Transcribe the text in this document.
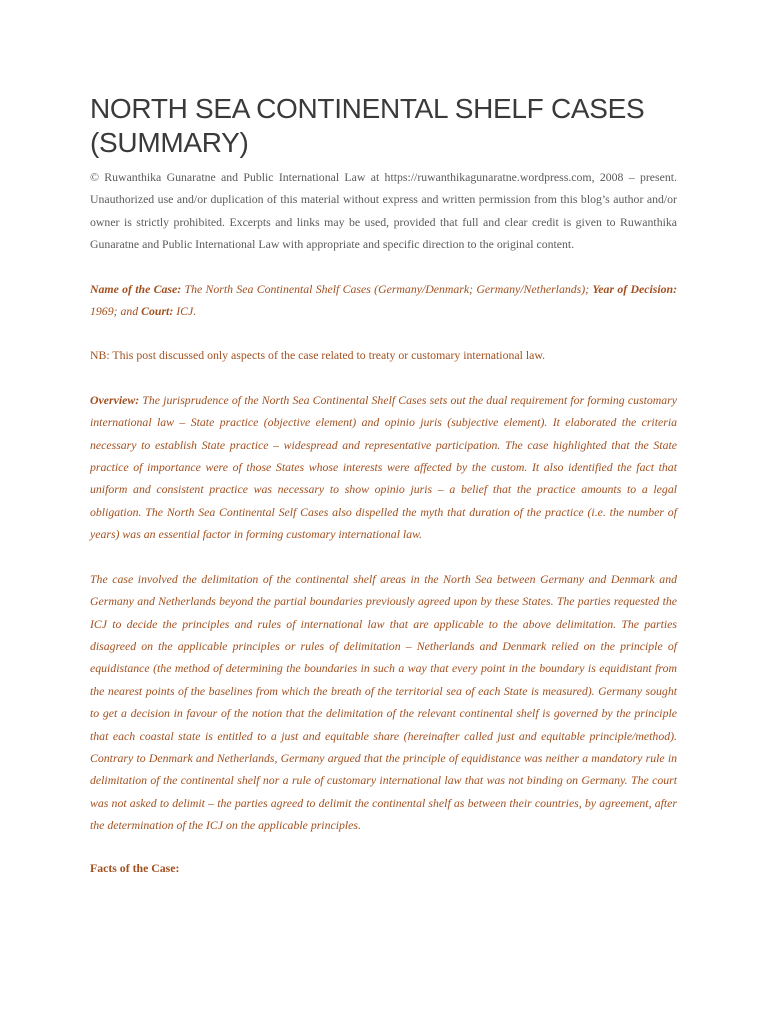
NORTH SEA CONTINENTAL SHELF CASES (SUMMARY)

© Ruwanthika Gunaratne and Public International Law at https://ruwanthikagunaratne.wordpress.com, 2008 – present. Unauthorized use and/or duplication of this material without express and written permission from this blog’s author and/or owner is strictly prohibited. Excerpts and links may be used, provided that full and clear credit is given to Ruwanthika Gunaratne and Public International Law with appropriate and specific direction to the original content.

Name of the Case: The North Sea Continental Shelf Cases (Germany/Denmark; Germany/Netherlands); Year of Decision: 1969; and Court: ICJ.

NB: This post discussed only aspects of the case related to treaty or customary international law.

Overview: The jurisprudence of the North Sea Continental Shelf Cases sets out the dual requirement for forming customary international law – State practice (objective element) and opinio juris (subjective element). It elaborated the criteria necessary to establish State practice – widespread and representative participation. The case highlighted that the State practice of importance were of those States whose interests were affected by the custom. It also identified the fact that uniform and consistent practice was necessary to show opinio juris – a belief that the practice amounts to a legal obligation. The North Sea Continental Self Cases also dispelled the myth that duration of the practice (i.e. the number of years) was an essential factor in forming customary international law.

The case involved the delimitation of the continental shelf areas in the North Sea between Germany and Denmark and Germany and Netherlands beyond the partial boundaries previously agreed upon by these States. The parties requested the ICJ to decide the principles and rules of international law that are applicable to the above delimitation. The parties disagreed on the applicable principles or rules of delimitation – Netherlands and Denmark relied on the principle of equidistance (the method of determining the boundaries in such a way that every point in the boundary is equidistant from the nearest points of the baselines from which the breath of the territorial sea of each State is measured). Germany sought to get a decision in favour of the notion that the delimitation of the relevant continental shelf is governed by the principle that each coastal state is entitled to a just and equitable share (hereinafter called just and equitable principle/method). Contrary to Denmark and Netherlands, Germany argued that the principle of equidistance was neither a mandatory rule in delimitation of the continental shelf nor a rule of customary international law that was not binding on Germany. The court was not asked to delimit – the parties agreed to delimit the continental shelf as between their countries, by agreement, after the determination of the ICJ on the applicable principles.

Facts of the Case:
